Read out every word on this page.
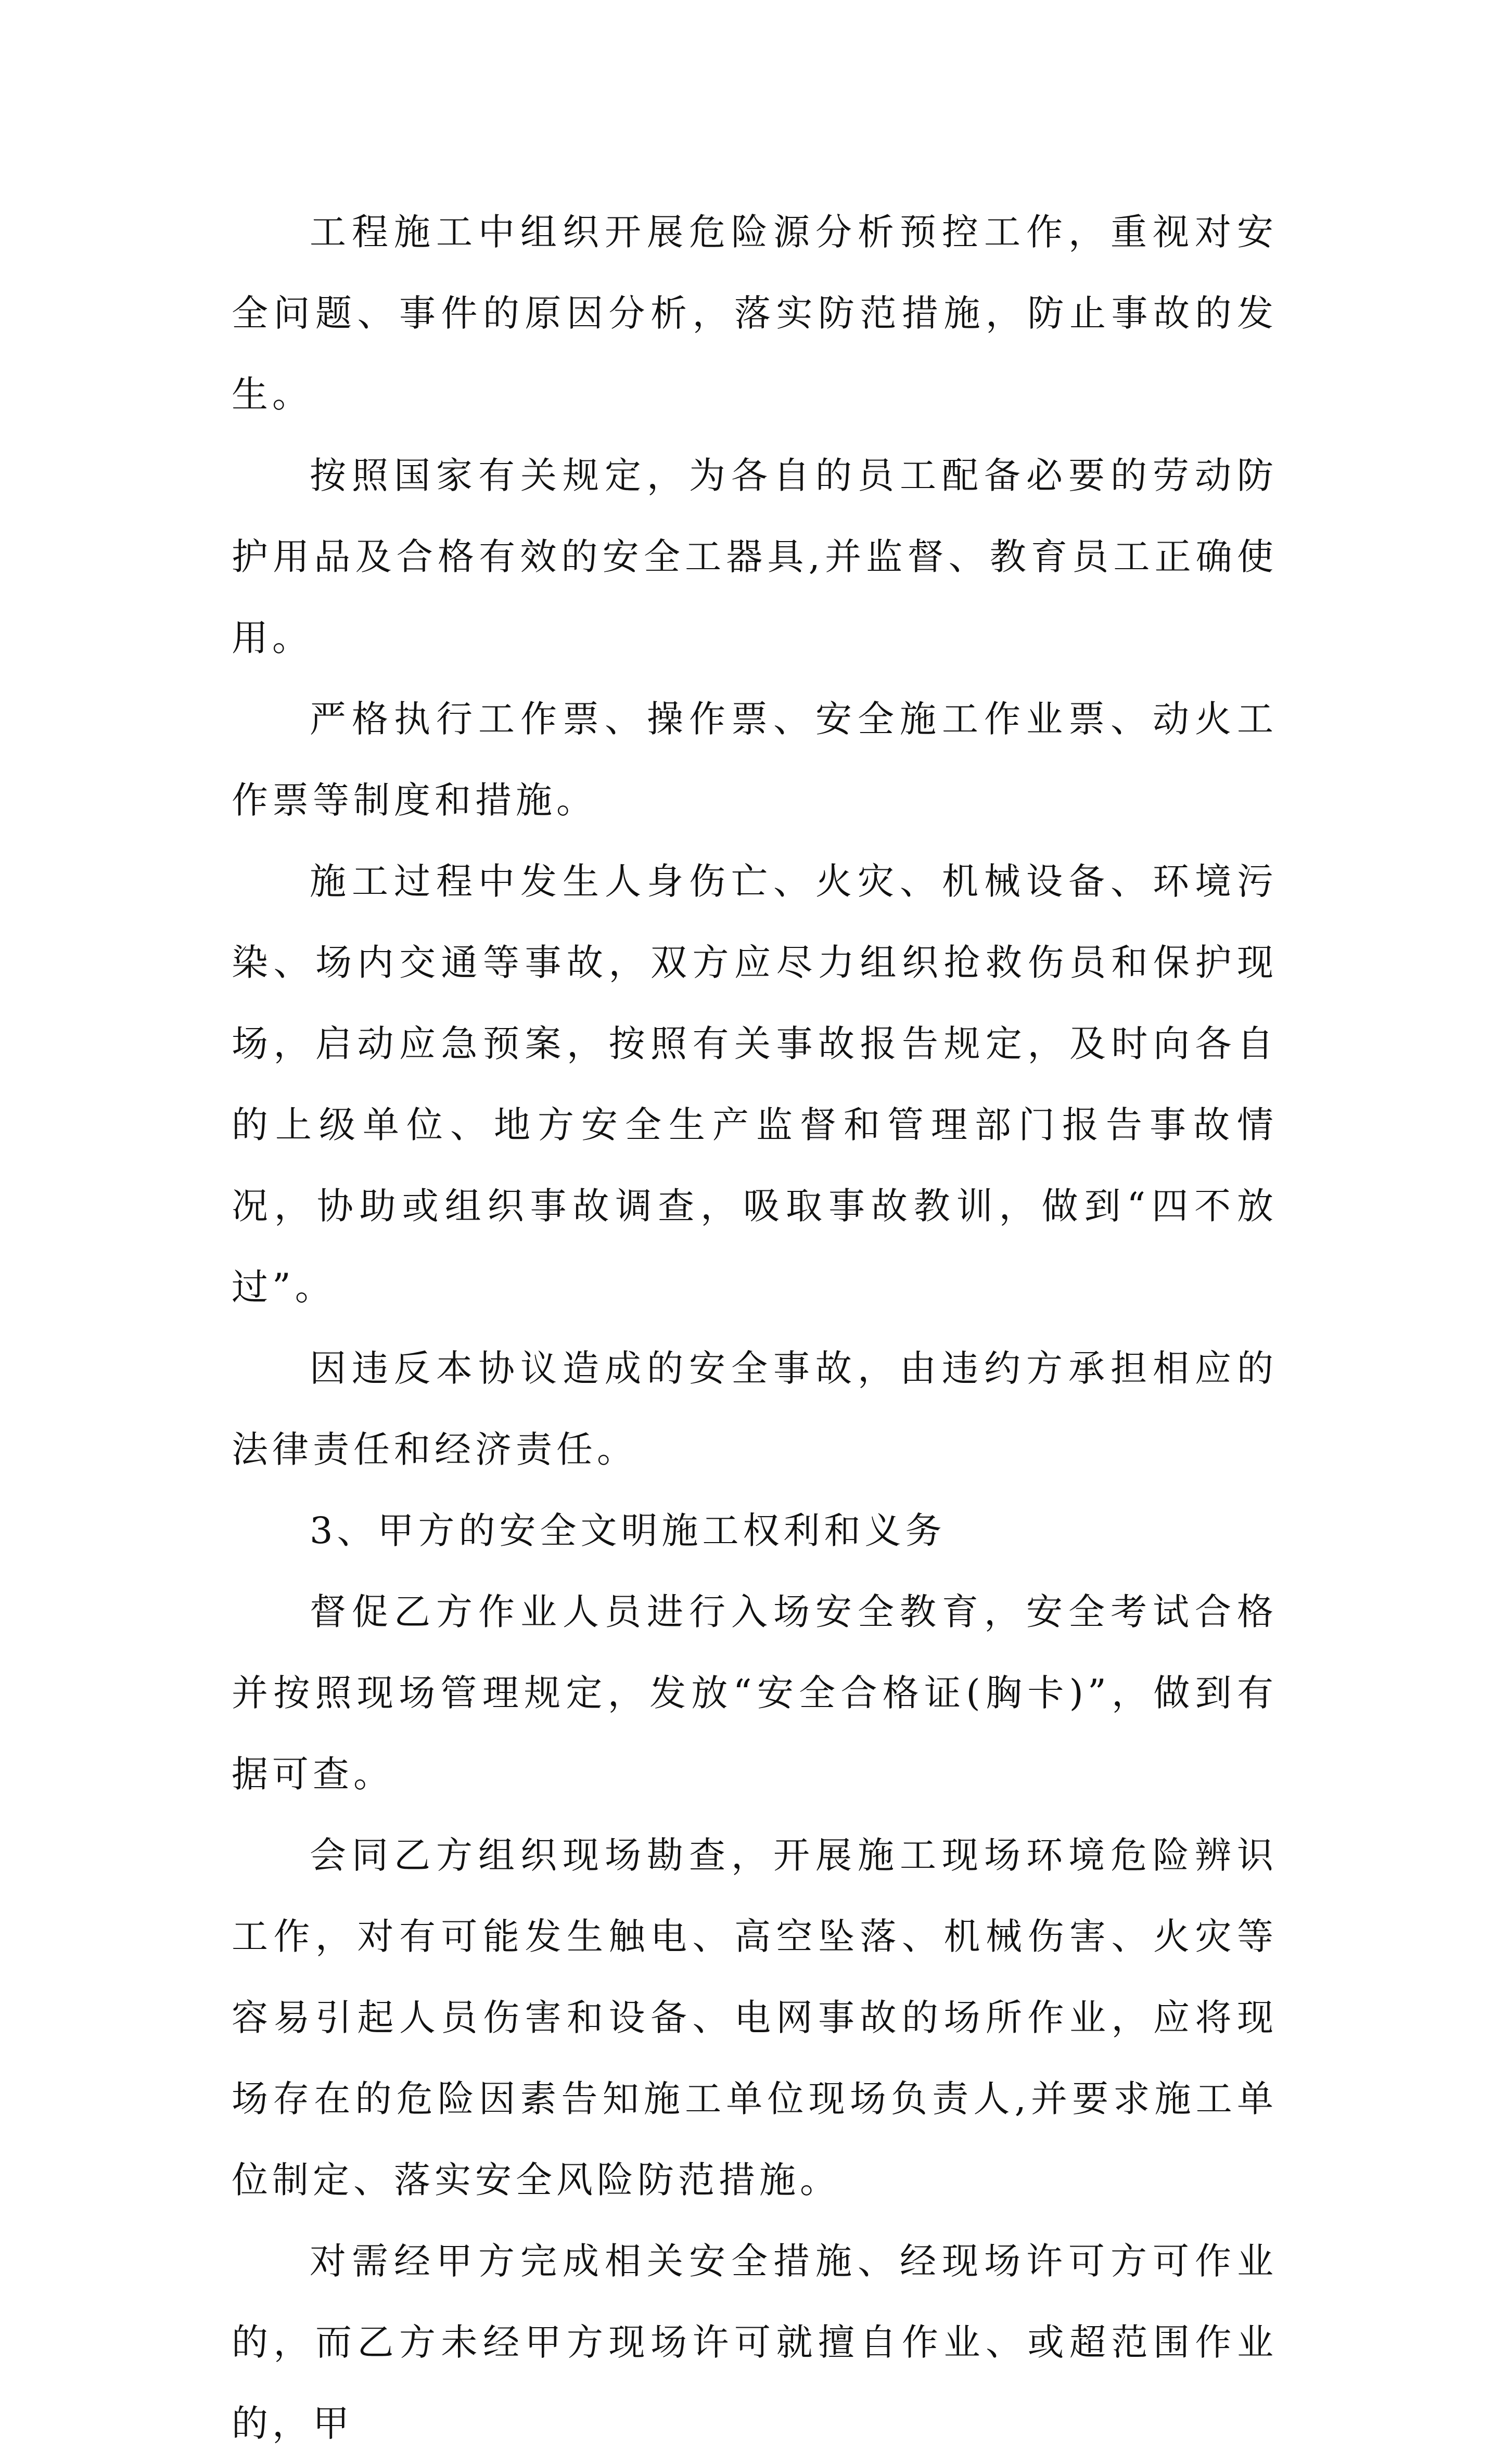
工程施工中组织开展危险源分析预控工作，重视对安全问题、事件的原因分析，落实防范措施，防止事故的发生。

按照国家有关规定，为各自的员工配备必要的劳动防护用品及合格有效的安全工器具,并监督、教育员工正确使用。

严格执行工作票、操作票、安全施工作业票、动火工作票等制度和措施。

施工过程中发生人身伤亡、火灾、机械设备、环境污染、场内交通等事故，双方应尽力组织抢救伤员和保护现场，启动应急预案，按照有关事故报告规定，及时向各自的上级单位、地方安全生产监督和管理部门报告事故情况，协助或组织事故调查，吸取事故教训，做到“四不放过”。

因违反本协议造成的安全事故，由违约方承担相应的法律责任和经济责任。

3、甲方的安全文明施工权利和义务

督促乙方作业人员进行入场安全教育，安全考试合格并按照现场管理规定，发放“安全合格证(胸卡)”，做到有据可查。

会同乙方组织现场勘查，开展施工现场环境危险辨识工作，对有可能发生触电、高空坠落、机械伤害、火灾等容易引起人员伤害和设备、电网事故的场所作业，应将现场存在的危险因素告知施工单位现场负责人,并要求施工单位制定、落实安全风险防范措施。

对需经甲方完成相关安全措施、经现场许可方可作业的，而乙方未经甲方现场许可就擅自作业、或超范围作业的，甲
